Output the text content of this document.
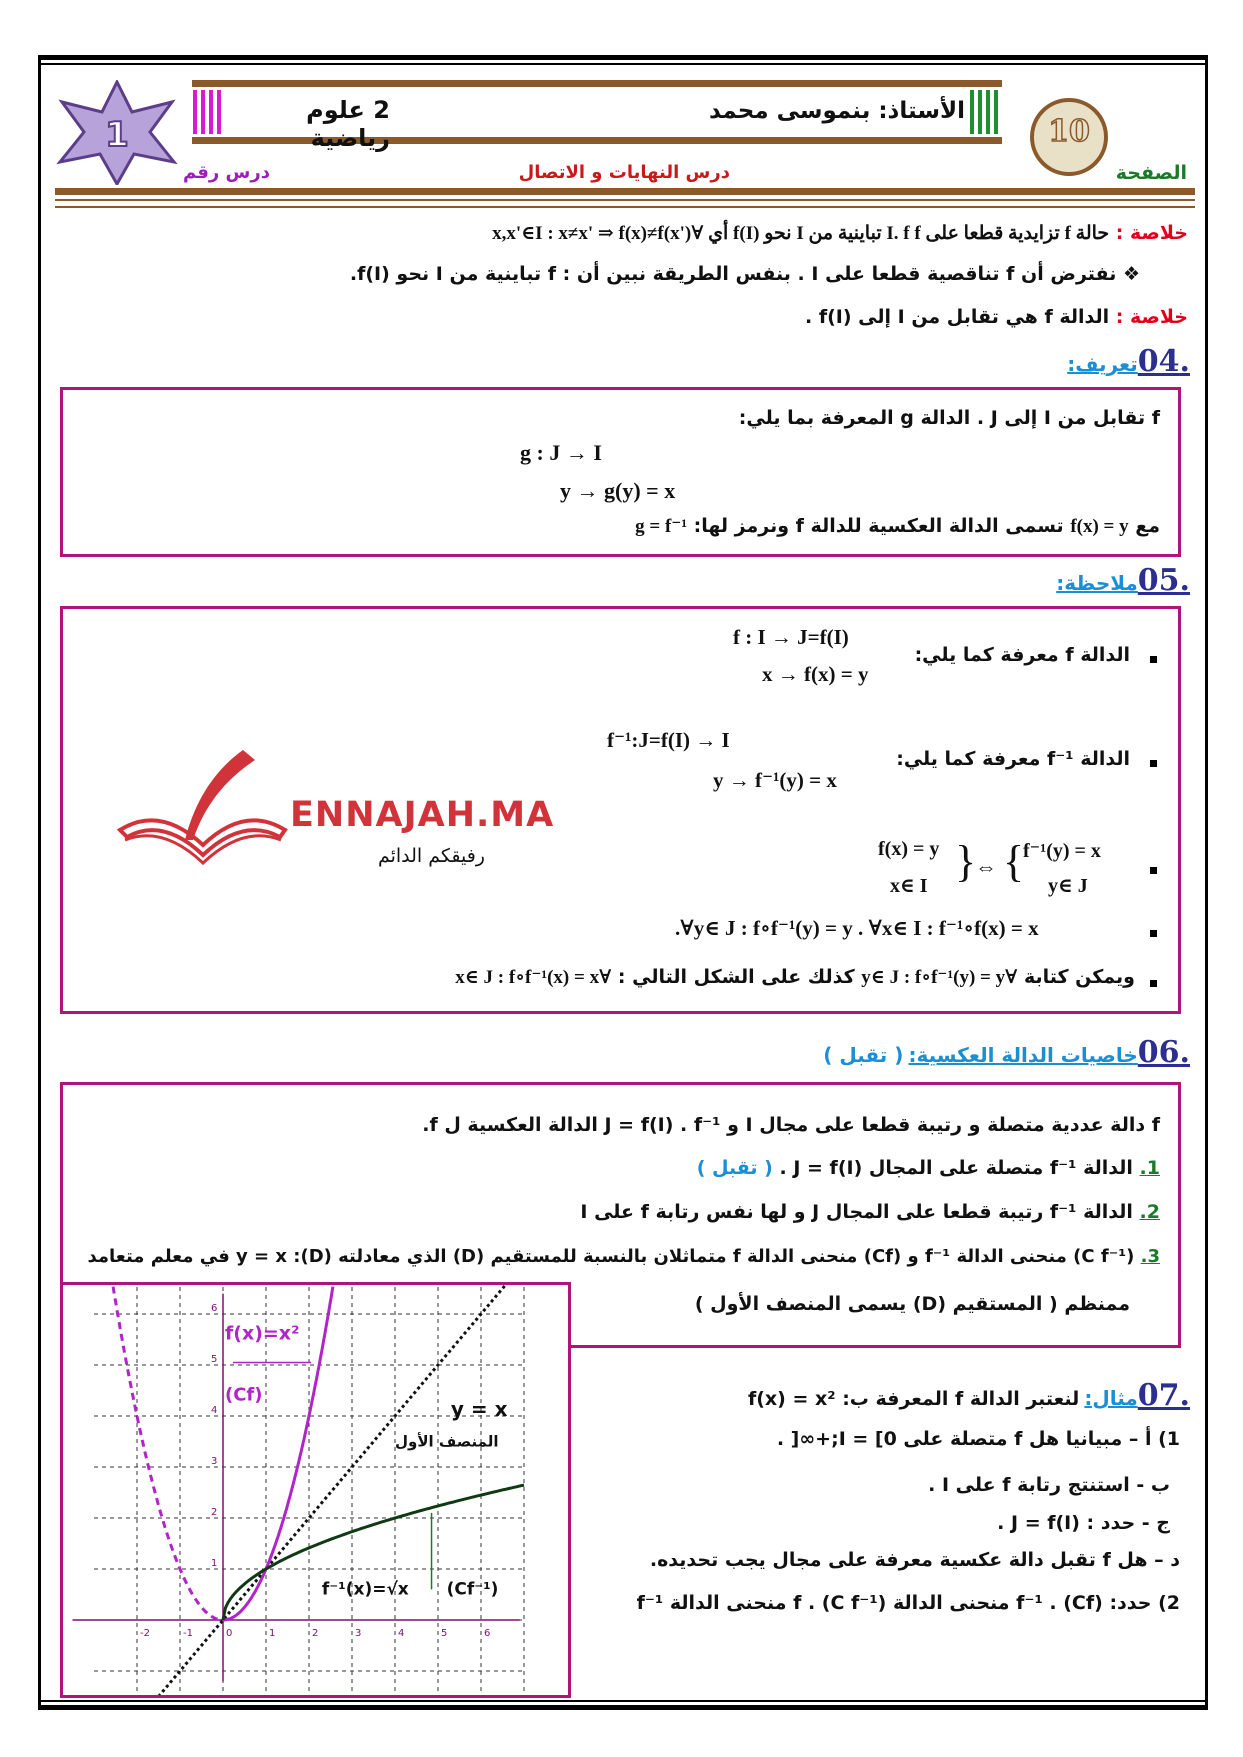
1
2 علوم رياضية
الأستاذ: بنموسى محمد
10
الصفحة
درس النهايات و الاتصال
درس رقم
خلاصة : حالة f تزايدية قطعا على I. f f تباينية من I نحو f(I) أي ∀x,x'∈I : x≠x' ⇒ f(x)≠f(x')
❖ نفترض أن f تناقصية قطعا على I . بنفس الطريقة نبين أن : f تباينية من I نحو f(I).
خلاصة : الدالة f هي تقابل من I إلى f(I) .
.04تعريف:
f تقابل من I إلى J . الدالة g المعرفة بما يلي:
g : J → I
y → g(y) = x
مع f(x) = y تسمى الدالة العكسية للدالة f ونرمز لها: g = f⁻¹
.05ملاحظة:
الدالة f معرفة كما يلي:
f : I → J=f(I)
x → f(x) = y
الدالة f⁻¹ معرفة كما يلي:
f⁻¹:J=f(I) → I
y → f⁻¹(y) = x
f(x) = y
x∈ I }
⇔ {
f⁻¹(y) = x
y∈ J
.∀y∈ J : f∘f⁻¹(y) = y . ∀x∈ I : f⁻¹∘f(x) = x
ويمكن كتابة ∀y∈ J : f∘f⁻¹(y) = y كذلك على الشكل التالي : ∀x∈ J : f∘f⁻¹(x) = x
ENNAJAH.MA
رفيقكم الدائم
.06خاصيات الدالة العكسية: ( تقبل )
f دالة عددية متصلة و رتيبة قطعا على مجال I و J = f(I) . f⁻¹ الدالة العكسية ل f.
1. الدالة f⁻¹ متصلة على المجال J = f(I) . ( تقبل )
2. الدالة f⁻¹ رتيبة قطعا على المجال J و لها نفس رتابة f على I
3. (C f⁻¹) منحنى الدالة f⁻¹ و (Cf) منحنى الدالة f متماثلان بالنسبة للمستقيم (D) الذي معادلته (D): y = x في معلم متعامد
ممنظم ( المستقيم (D) يسمى المنصف الأول )
.07مثال: لنعتبر الدالة f المعرفة ب: f(x) = x²
1) أ – مبيانيا هل f متصلة على I = [0;+∞[ .
ب - استنتج رتابة f على I .
ج - حدد : J = f(I) .
د – هل f تقبل دالة عكسية معرفة على مجال يجب تحديده.
2) حدد: f⁻¹ . (Cf) منحنى الدالة f . (C f⁻¹) منحنى الدالة f⁻¹
-2	-1	0	1	2	3	4	5	6
1
2
3
4
5
6
f(x)=x²
(Cf)
y = x
المنصف الأول
f⁻¹(x)=√x (Cf⁻¹)
